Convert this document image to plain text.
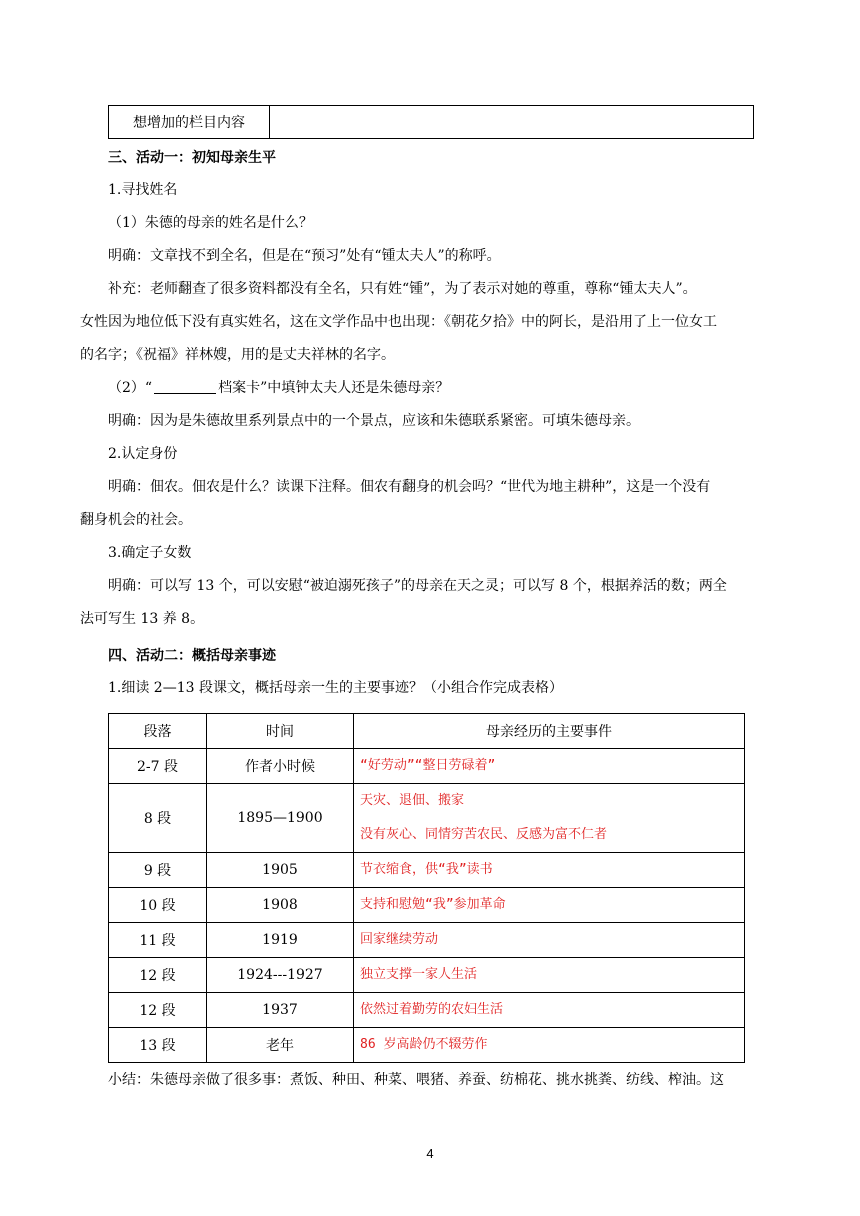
想增加的栏目内容
三、活动一：初知母亲生平
1.寻找姓名
（1）朱德的母亲的姓名是什么？
明确：文章找不到全名，但是在“预习”处有“锺太夫人”的称呼。
补充：老师翻查了很多资料都没有全名，只有姓“锺”，为了表示对她的尊重，尊称“锺太夫人”。
女性因为地位低下没有真实姓名，这在文学作品中也出现：《朝花夕拾》中的阿长，是沿用了上一位女工
的名字；《祝福》祥林嫂，用的是丈夫祥林的名字。
（2）“	档案卡”中填钟太夫人还是朱德母亲？
明确：因为是朱德故里系列景点中的一个景点，应该和朱德联系紧密。可填朱德母亲。
2.认定身份
明确：佃农。佃农是什么？读课下注释。佃农有翻身的机会吗？“世代为地主耕种”，这是一个没有
翻身机会的社会。
3.确定子女数
明确：可以写 13 个，可以安慰“被迫溺死孩子”的母亲在天之灵；可以写 8 个，根据养活的数；两全
法可写生 13 养 8。
四、活动二：概括母亲事迹
1.细读 2—13 段课文，概括母亲一生的主要事迹？（小组合作完成表格）
段落	时间	母亲经历的主要事件
2-7 段	作者小时候	“好劳动”“整日劳碌着”

8 段	1895—1900	天灾、退佃、搬家
没有灰心、同情穷苦农民、反感为富不仁者

9 段	1905	节衣缩食，供“我”读书

10 段	1908	支持和慰勉“我”参加革命

11 段	1919	回家继续劳动

12 段	1924---1927	独立支撑一家人生活

12 段	1937	依然过着勤劳的农妇生活

13 段	老年	86 岁高龄仍不辍劳作
小结：朱德母亲做了很多事：煮饭、种田、种菜、喂猪、养蚕、纺棉花、挑水挑粪、纺线、榨油。这
4
